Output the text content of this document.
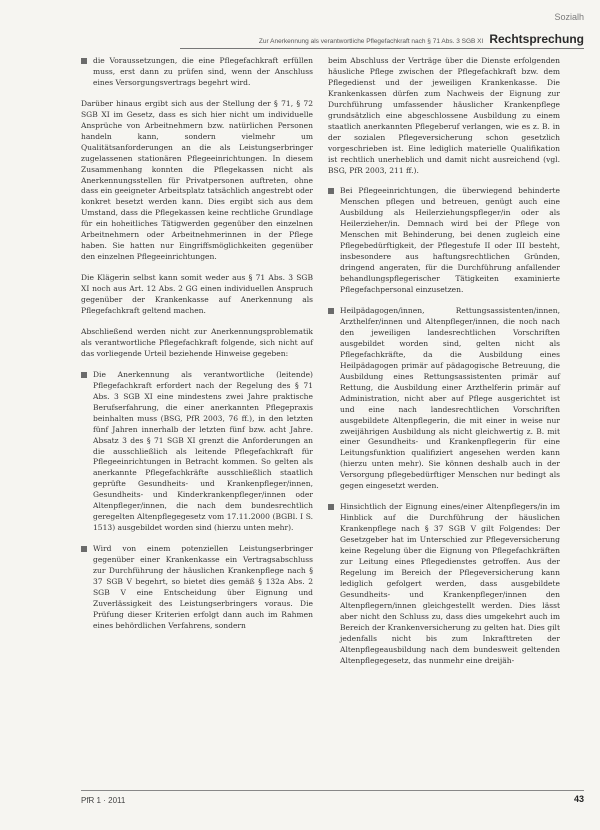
Sozialh
Zur Anerkennung als verantwortliche Pflegefachkraft nach § 71 Abs. 3 SGB XI Rechtsprechung

die Voraussetzungen, die eine Pflegefachkraft erfüllen muss, erst dann zu prüfen sind, wenn der Anschluss eines Versorgungsvertrags begehrt wird.

Darüber hinaus ergibt sich aus der Stellung der § 71, § 72 SGB XI im Gesetz, dass es sich hier nicht um individuelle Ansprüche von Arbeitnehmern bzw. natürlichen Personen handeln kann, sondern vielmehr um Qualitätsanforderungen an die als Leistungserbringer zugelassenen stationären Pflegeeinrichtungen. In diesem Zusammenhang konnten die Pflegekassen nicht als Anerkennungsstellen für Privatpersonen auftreten, ohne dass ein geeigneter Arbeitsplatz tatsächlich angestrebt oder konkret besetzt werden kann. Dies ergibt sich aus dem Umstand, dass die Pflegekassen keine rechtliche Grundlage für ein hoheitliches Tätigwerden gegenüber den einzelnen Arbeitnehmern oder Arbeitnehmerinnen in der Pflege haben. Sie hatten nur Eingriffsmöglichkeiten gegenüber den einzelnen Pflegeeinrichtungen.

Die Klägerin selbst kann somit weder aus § 71 Abs. 3 SGB XI noch aus Art. 12 Abs. 2 GG einen individuellen Anspruch gegenüber der Krankenkasse auf Anerkennung als Pflegefachkraft geltend machen.

Abschließend werden nicht zur Anerkennungsproblematik als verantwortliche Pflegefachkraft folgende, sich nicht auf das vorliegende Urteil beziehende Hinweise gegeben:

Die Anerkennung als verantwortliche (leitende) Pflegefachkraft erfordert nach der Regelung des § 71 Abs. 3 SGB XI eine mindestens zwei Jahre praktische Berufserfahrung, die einer anerkannten Pflegepraxis beinhalten muss (BSG, PfR 2003, 76 ff.), in den letzten fünf Jahren innerhalb der letzten fünf bzw. acht Jahre. Absatz 3 des § 71 SGB XI grenzt die Anforderungen an die ausschließlich als leitende Pflegefachkraft für Pflegeeinrichtungen in Betracht kommen. So gelten als anerkannte Pflegefachkräfte ausschließlich staatlich geprüfte Gesundheits- und Krankenpfleger/innen, Gesundheits- und Kinderkrankenpfleger/innen oder Altenpfleger/innen, die nach dem bundesrechtlich geregelten Altenpflegegesetz vom 17.11.2000 (BGBl. I S. 1513) ausgebildet worden sind (hierzu unten mehr).

Wird von einem potenziellen Leistungserbringer gegenüber einer Krankenkasse ein Vertragsabschluss zur Durchführung der häuslichen Krankenpflege nach § 37 SGB V begehrt, so bietet dies gemäß § 132a Abs. 2 SGB V eine Entscheidung über Eignung und Zuverlässigkeit des Leistungserbringers voraus. Die Prüfung dieser Kriterien erfolgt dann auch im Rahmen eines behördlichen Verfahrens, sondern

beim Abschluss der Verträge über die Dienste erfolgenden häusliche Pflege zwischen der Pflegefachkraft bzw. dem Pflegedienst und der jeweiligen Krankenkasse. Die Krankenkassen dürfen zum Nachweis der Eignung zur Durchführung umfassender häuslicher Krankenpflege grundsätzlich eine abgeschlossene Ausbildung zu einem staatlich anerkannten Pflegeberuf verlangen, wie es z. B. in der sozialen Pflegeversicherung schon gesetzlich vorgeschrieben ist. Eine lediglich materielle Qualifikation ist rechtlich unerheblich und damit nicht ausreichend (vgl. BSG, PfR 2003, 211 ff.).

Bei Pflegeeinrichtungen, die überwiegend behinderte Menschen pflegen und betreuen, genügt auch eine Ausbildung als Heilerziehungspfleger/in oder als Heilerzieher/in. Demnach wird bei der Pflege von Menschen mit Behinderung, bei denen zugleich eine Pflegebedürftigkeit, der Pflegestufe II oder III besteht, insbesondere aus haftungsrechtlichen Gründen, dringend angeraten, für die Durchführung anfallender behandlungspflegerischer Tätigkeiten examinierte Pflegefachpersonal einzusetzen.

Heilpädagogen/innen, Rettungsassistenten/innen, Arzthelfer/innen und Altenpfleger/innen, die noch nach den jeweiligen landesrechtlichen Vorschriften ausgebildet worden sind, gelten nicht als Pflegefachkräfte, da die Ausbildung eines Heilpädagogen primär auf pädagogische Betreuung, die Ausbildung eines Rettungsassistenten primär auf Rettung, die Ausbildung einer Arzthelferin primär auf Administration, nicht aber auf Pflege ausgerichtet ist und eine nach landesrechtlichen Vorschriften ausgebildete Altenpflegerin, die mit einer in weise nur zweijährigen Ausbildung als nicht gleichwertig z. B. mit einer Gesundheits- und Krankenpflegerin für eine Leitungsfunktion qualifiziert angesehen werden kann (hierzu unten mehr). Sie können deshalb auch in der Versorgung pflegebedürftiger Menschen nur bedingt als gegen eingesetzt werden.

Hinsichtlich der Eignung eines/einer Altenpflegers/in im Hinblick auf die Durchführung der häuslichen Krankenpflege nach § 37 SGB V gilt Folgendes: Der Gesetzgeber hat im Unterschied zur Pflegeversicherung keine Regelung über die Eignung von Pflegefachkräften zur Leitung eines Pflegedienstes getroffen. Aus der Regelung im Bereich der Pflegeversicherung kann lediglich gefolgert werden, dass ausgebildete Gesundheits- und Krankenpfleger/innen den Altenpflegern/innen gleichgestellt werden. Dies lässt aber nicht den Schluss zu, dass dies umgekehrt auch im Bereich der Krankenversicherung zu gelten hat. Dies gilt jedenfalls nicht bis zum Inkrafttreten der Altenpflegeausbildung nach dem bundesweit geltenden Altenpflegegesetz, das nunmehr eine dreijäh-

PfR 1 · 2011	43
